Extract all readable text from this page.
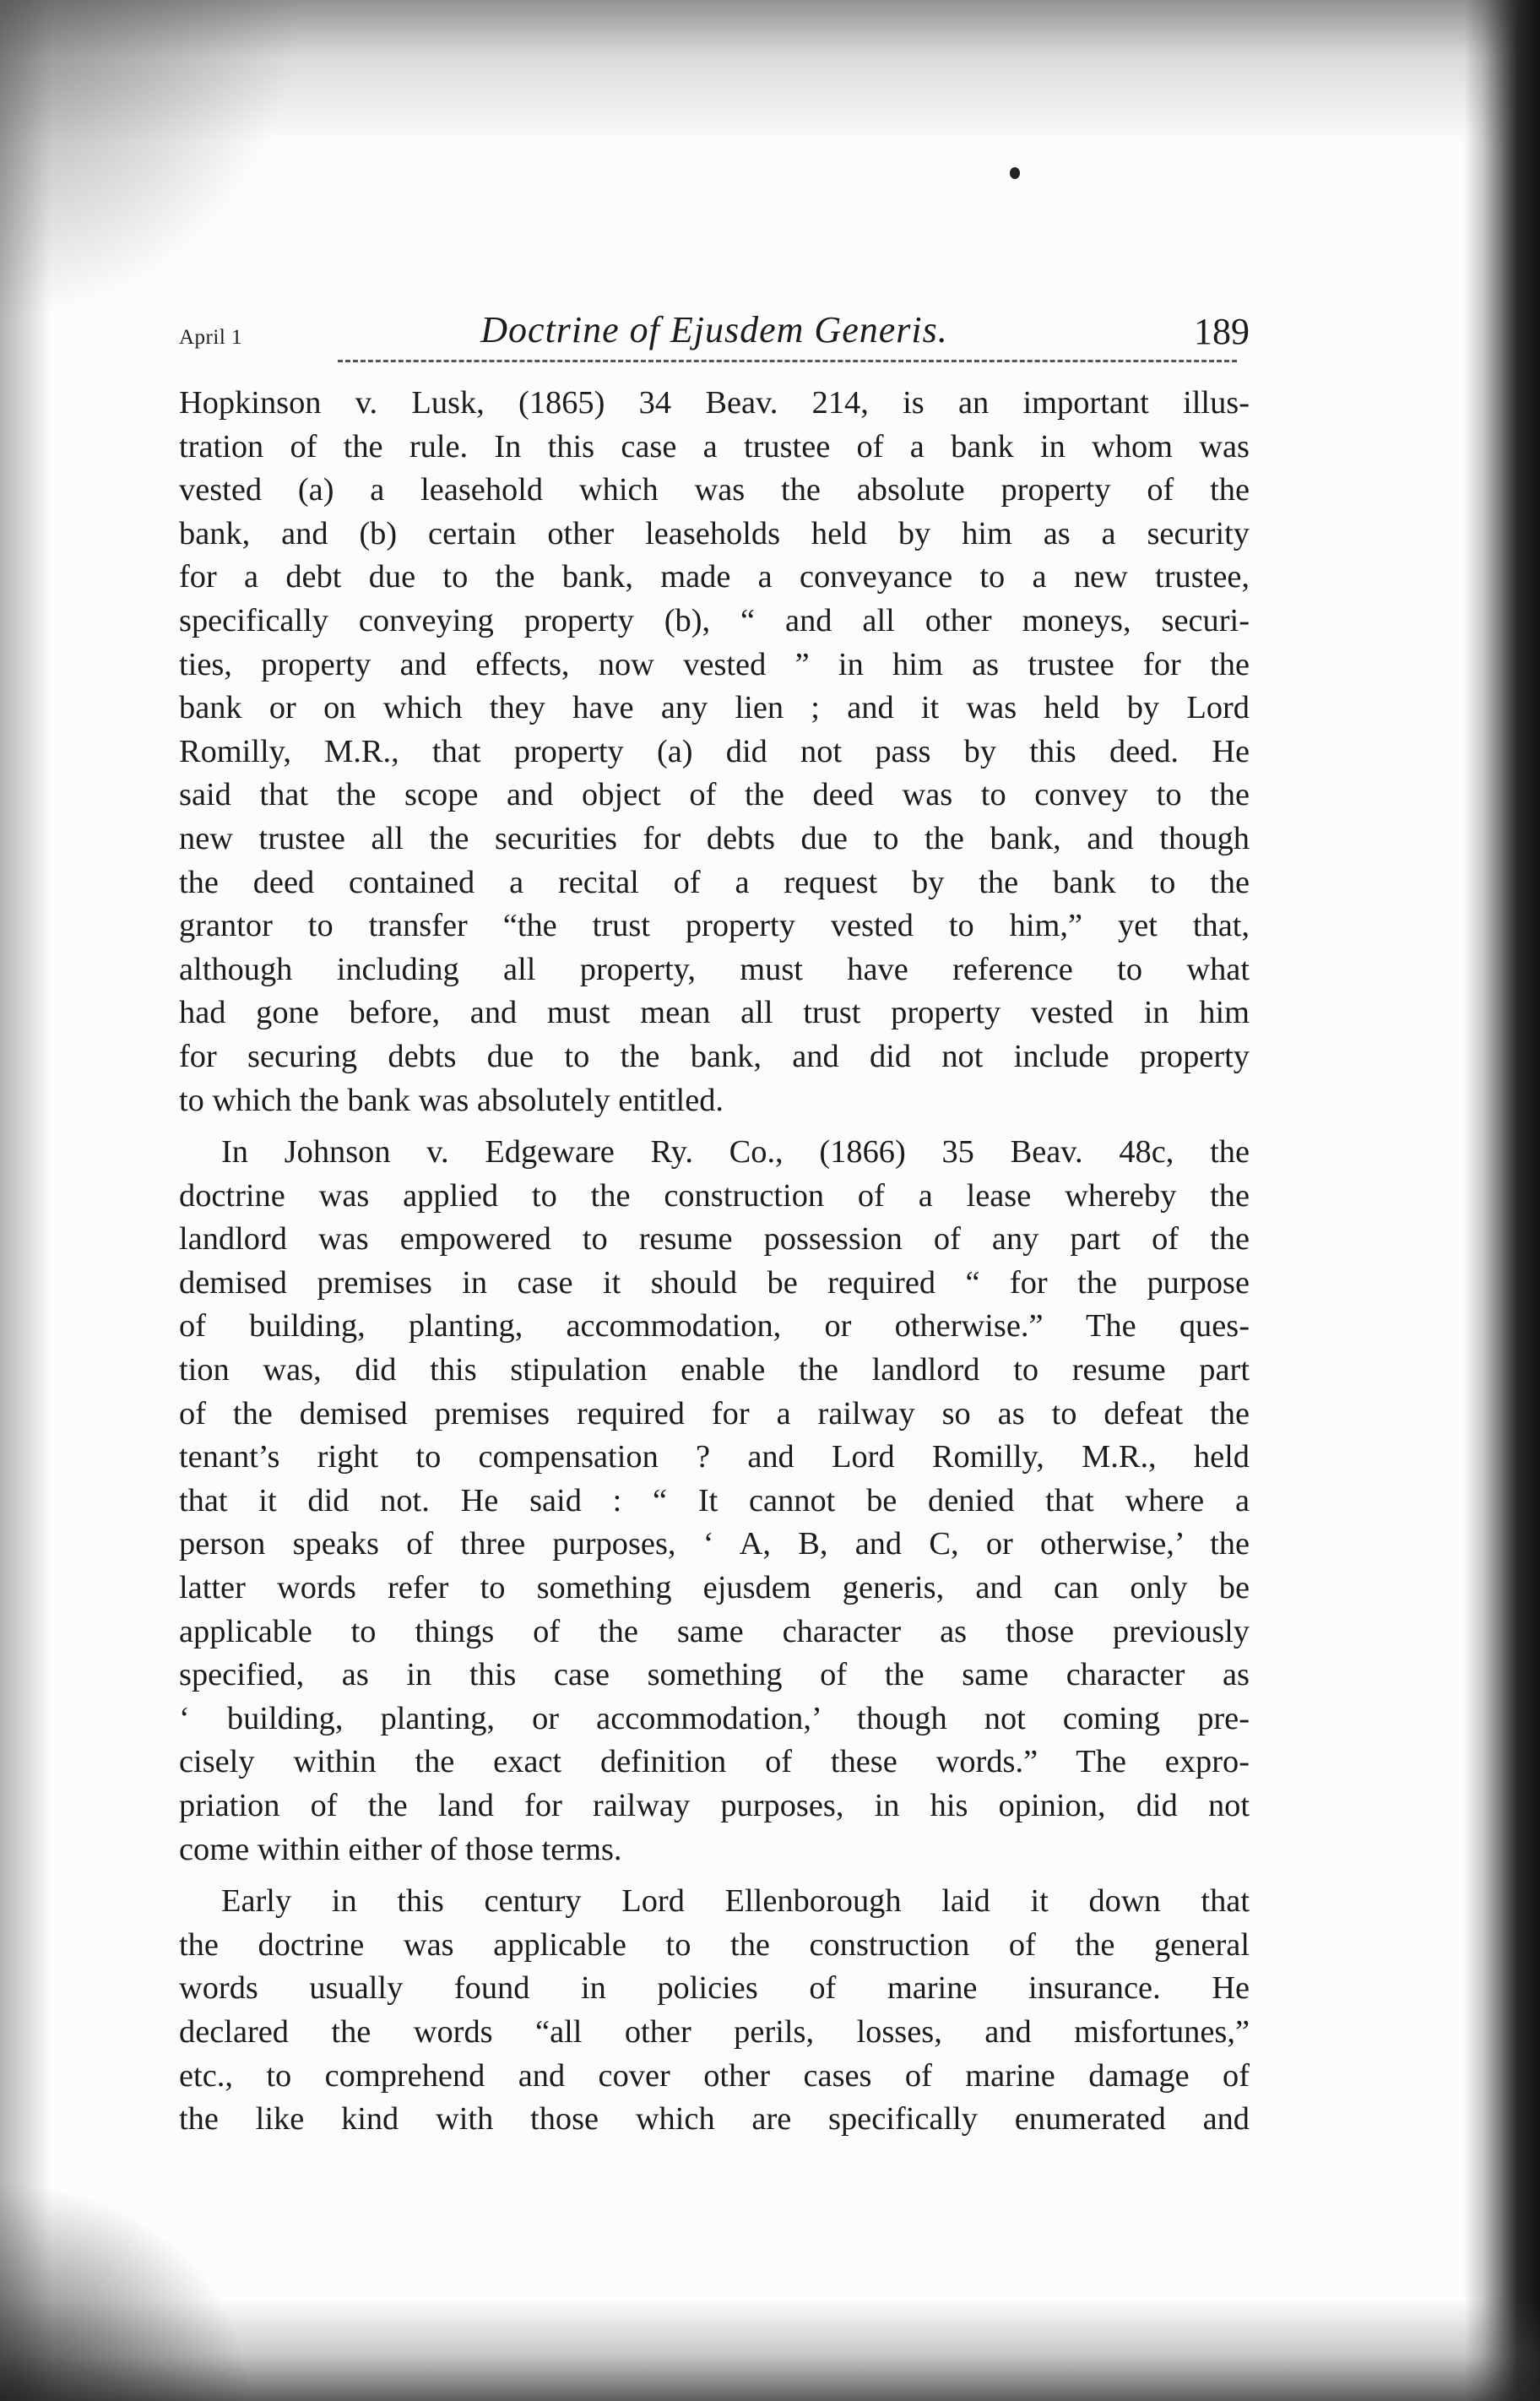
April 1	Doctrine of Ejusdem Generis.	189
Hopkinson v. Lusk, (1865) 34 Beav. 214, is an important illus-
tration of the rule. In this case a trustee of a bank in whom was
vested (a) a leasehold which was the absolute property of the
bank, and (b) certain other leaseholds held by him as a security
for a debt due to the bank, made a conveyance to a new trustee,
specifically conveying property (b), “ and all other moneys, securi-
ties, property and effects, now vested ” in him as trustee for the
bank or on which they have any lien ; and it was held by Lord
Romilly, M.R., that property (a) did not pass by this deed. He
said that the scope and object of the deed was to convey to the
new trustee all the securities for debts due to the bank, and though
the deed contained a recital of a request by the bank to the
grantor to transfer “the trust property vested to him,” yet that,
although including all property, must have reference to what
had gone before, and must mean all trust property vested in him
for securing debts due to the bank, and did not include property
to which the bank was absolutely entitled.
In Johnson v. Edgeware Ry. Co., (1866) 35 Beav. 48c, the
doctrine was applied to the construction of a lease whereby the
landlord was empowered to resume possession of any part of the
demised premises in case it should be required “ for the purpose
of building, planting, accommodation, or otherwise.” The ques-
tion was, did this stipulation enable the landlord to resume part
of the demised premises required for a railway so as to defeat the
tenant’s right to compensation ? and Lord Romilly, M.R., held
that it did not. He said : “ It cannot be denied that where a
person speaks of three purposes, ‘ A, B, and C, or otherwise,’ the
latter words refer to something ejusdem generis, and can only be
applicable to things of the same character as those previously
specified, as in this case something of the same character as
‘ building, planting, or accommodation,’ though not coming pre-
cisely within the exact definition of these words.” The expro-
priation of the land for railway purposes, in his opinion, did not
come within either of those terms.
Early in this century Lord Ellenborough laid it down that
the doctrine was applicable to the construction of the general
words usually found in policies of marine insurance. He
declared the words “all other perils, losses, and misfortunes,”
etc., to comprehend and cover other cases of marine damage of
the like kind with those which are specifically enumerated and
